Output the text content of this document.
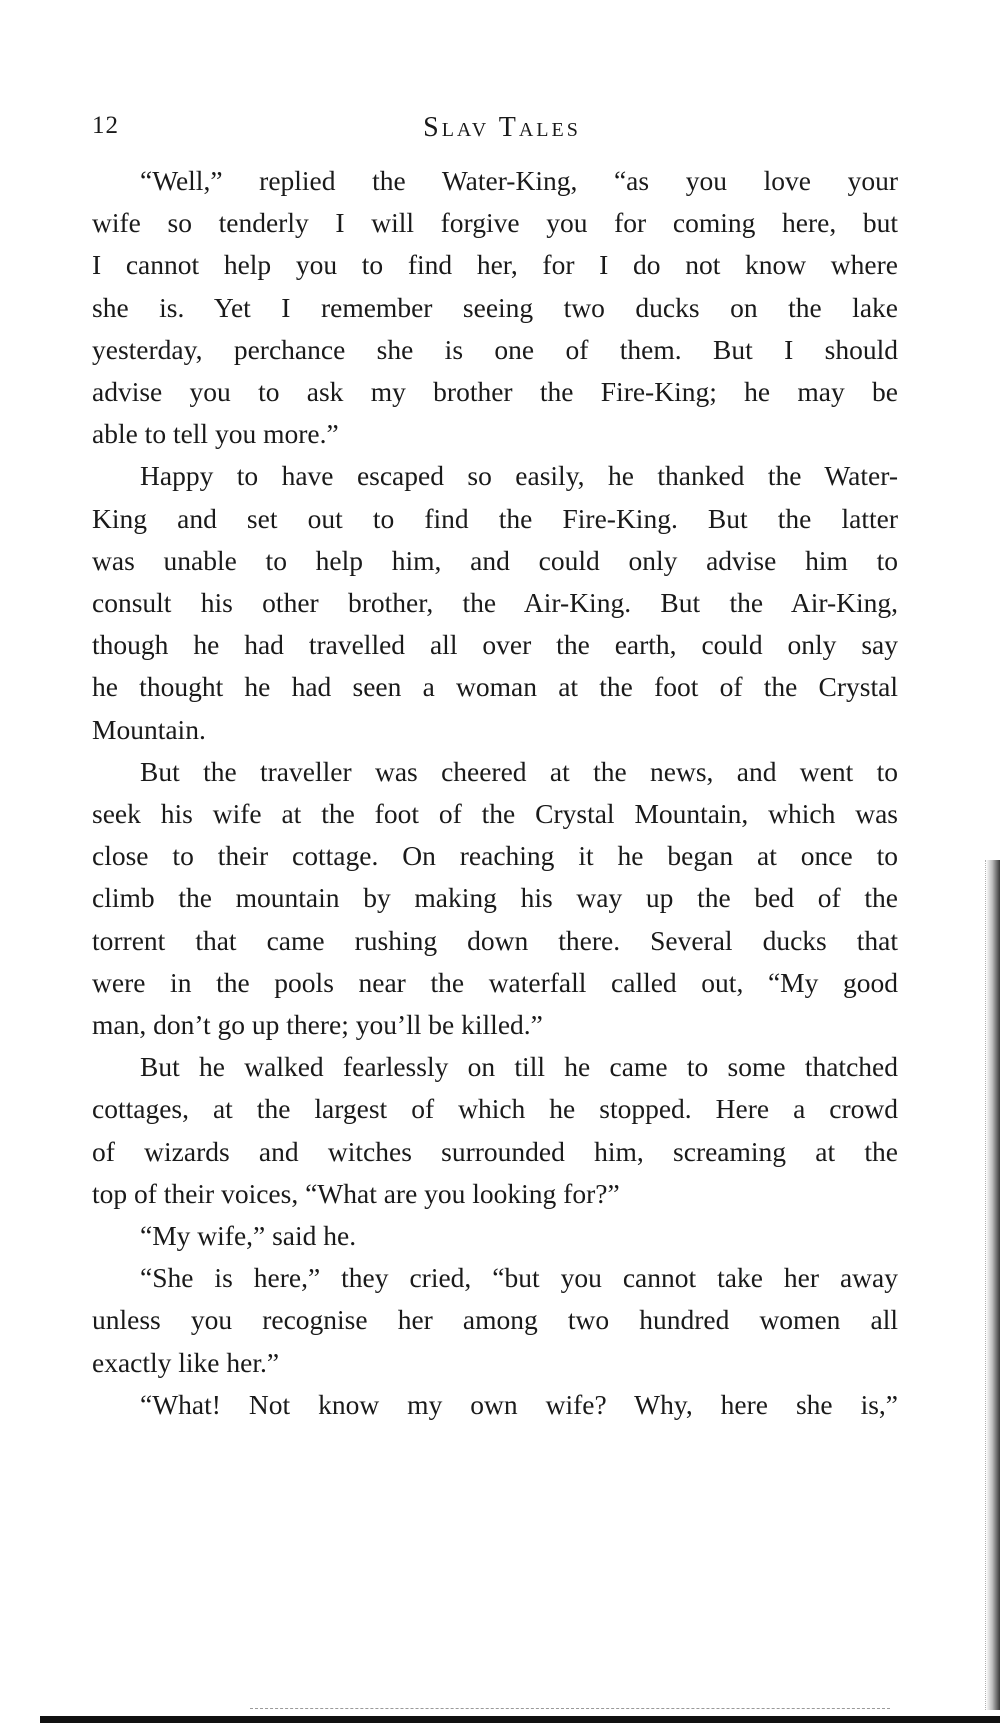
12	Slav Tales

“Well,” replied the Water-King, “as you love your
wife so tenderly I will forgive you for coming here, but
I cannot help you to find her, for I do not know where
she is. Yet I remember seeing two ducks on the lake
yesterday, perchance she is one of them. But I should
advise you to ask my brother the Fire-King; he may be
able to tell you more.”

Happy to have escaped so easily, he thanked the Water-
King and set out to find the Fire-King. But the latter
was unable to help him, and could only advise him to
consult his other brother, the Air-King. But the Air-King,
though he had travelled all over the earth, could only say
he thought he had seen a woman at the foot of the Crystal
Mountain.

But the traveller was cheered at the news, and went to
seek his wife at the foot of the Crystal Mountain, which was
close to their cottage. On reaching it he began at once to
climb the mountain by making his way up the bed of the
torrent that came rushing down there. Several ducks that
were in the pools near the waterfall called out, “My good
man, don’t go up there; you’ll be killed.”

But he walked fearlessly on till he came to some thatched
cottages, at the largest of which he stopped. Here a crowd
of wizards and witches surrounded him, screaming at the
top of their voices, “What are you looking for?”

“My wife,” said he.

“She is here,” they cried, “but you cannot take her away
unless you recognise her among two hundred women all
exactly like her.”

“What! Not know my own wife? Why, here she is,”
